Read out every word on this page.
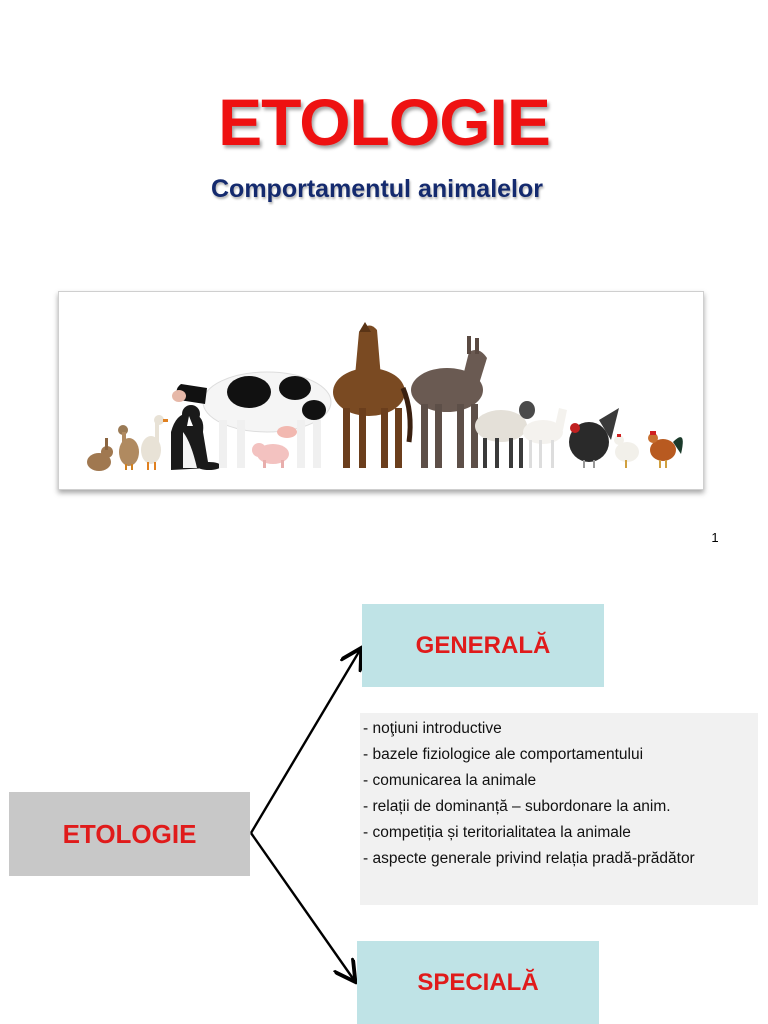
ETOLOGIE
Comportamentul animalelor
1
GENERALĂ
- noţiuni introductive
- bazele fiziologice ale comportamentului
- comunicarea la animale
- relații de dominanță – subordonare la anim.
- competiția și teritorialitatea la animale
- aspecte generale privind relația pradă-prădător
ETOLOGIE
SPECIALĂ
